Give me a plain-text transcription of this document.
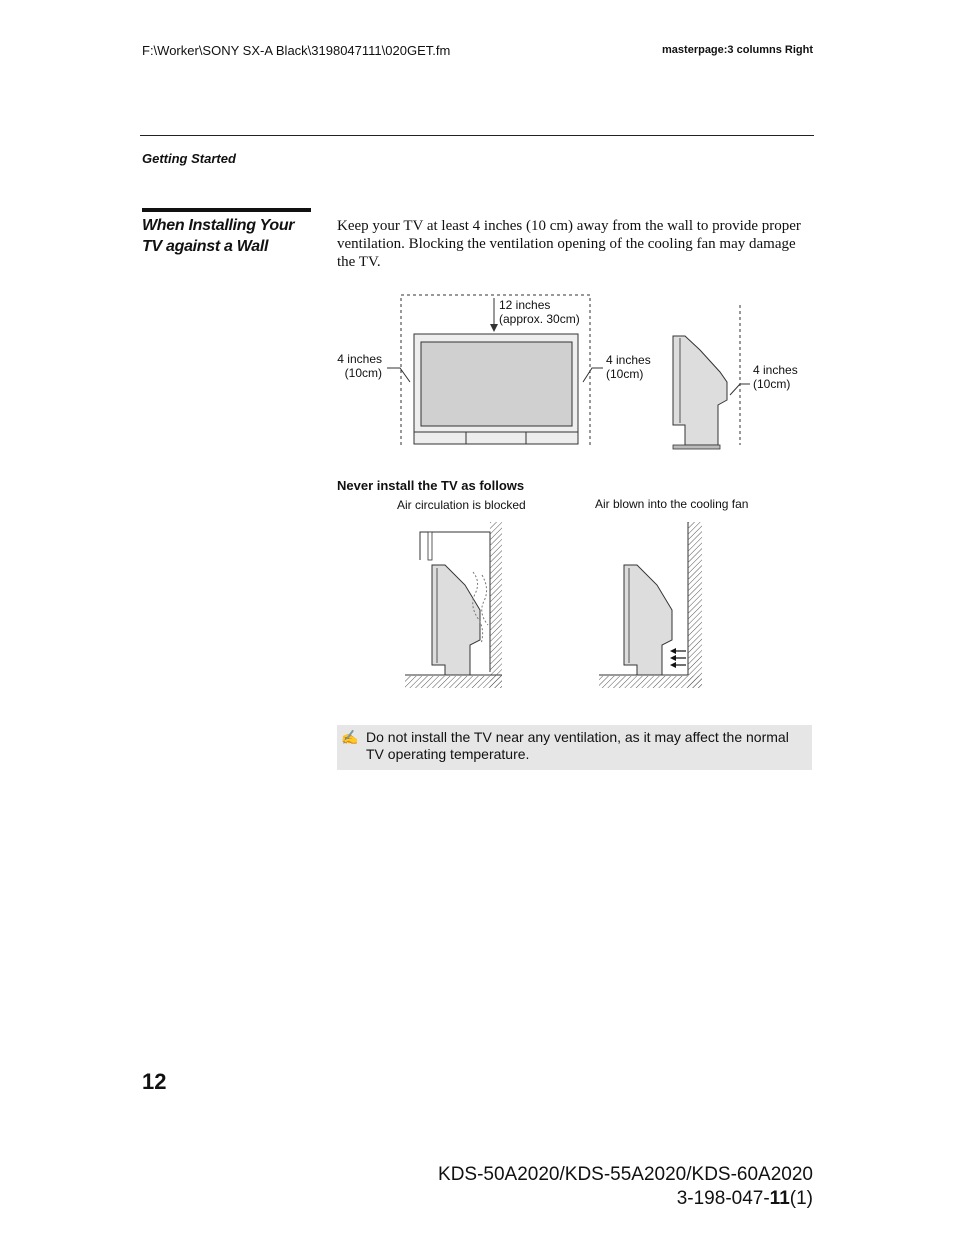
F:\Worker\SONY SX-A Black\3198047111\020GET.fm	masterpage:3 columns Right
Getting Started
When Installing Your TV against a Wall
Keep your TV at least 4 inches (10 cm) away from the wall to provide proper ventilation. Blocking the ventilation opening of the cooling fan may damage the TV.
12 inches
(approx. 30cm)
4 inches
(10cm)
4 inches
(10cm)	4 inches
(10cm)
Never install the TV as follows
Air circulation is blocked	Air blown into the cooling fan
✍ Do not install the TV near any ventilation, as it may affect the normal TV operating temperature.
12
KDS-50A2020/KDS-55A2020/KDS-60A2020
3-198-047-11(1)
